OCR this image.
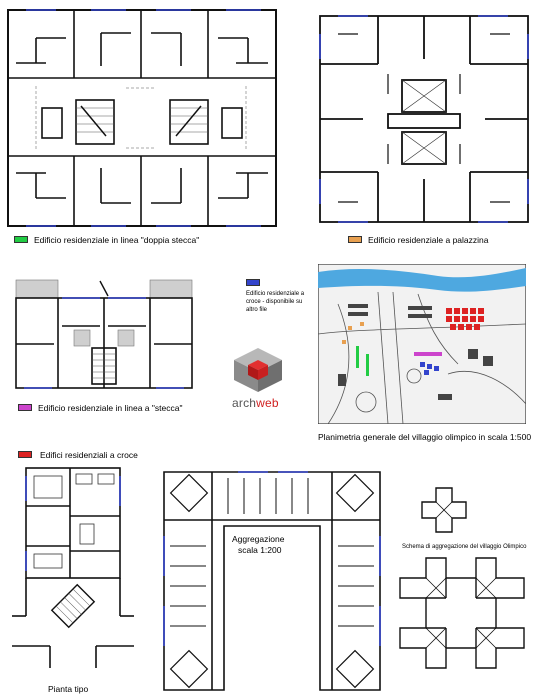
Edificio residenziale in linea "doppia stecca"	Edificio residenziale a palazzina
Edificio residenziale in linea a "stecca"
Edificio residenziale a
croce - disponibile su
altro file
archweb
Planimetria generale del villaggio olimpico in scala 1:500
Edifici residenziali a croce
Pianta tipo
Aggregazione
scala 1:200	Schema di aggregazione del villaggio Olimpico
